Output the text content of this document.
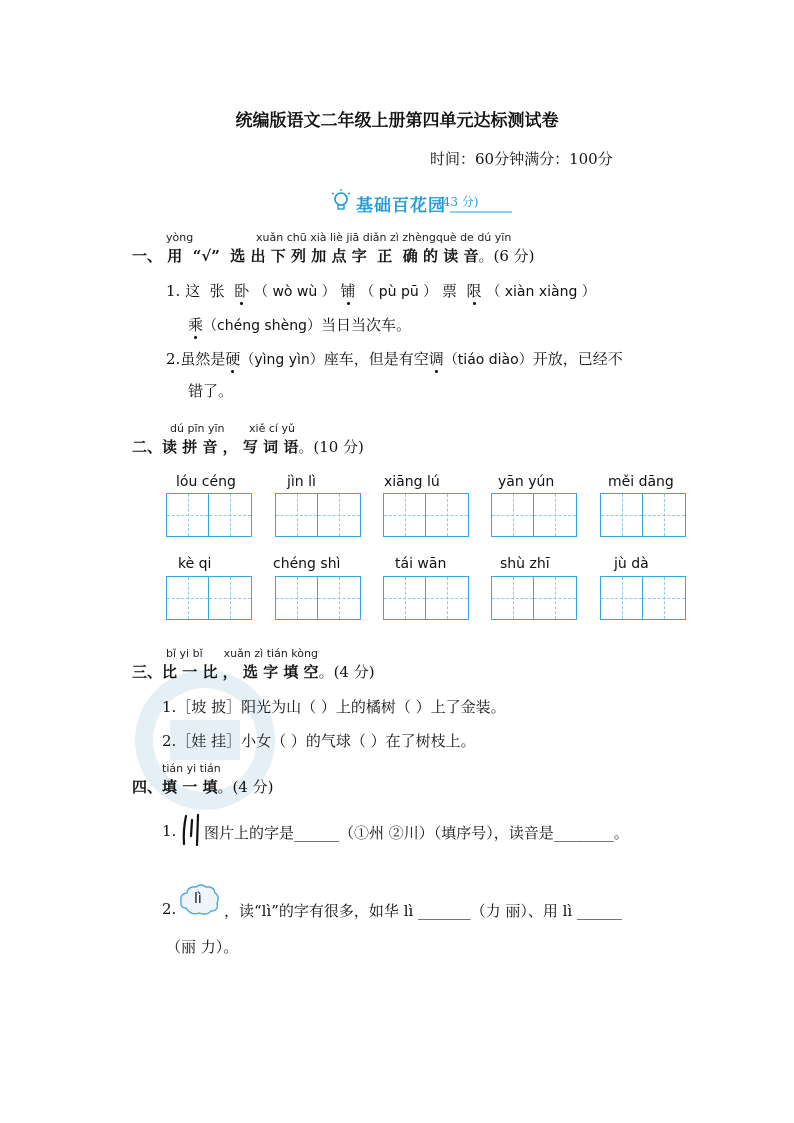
统编版语文二年级上册第四单元达标测试卷
时间：60分钟满分：100分
基础百花园
(43 分)
yòng	xuǎn chū xià liè jiā diǎn zì zhèngquè de dú yīn
一、 用 “√” 选 出 下 列 加 点 字 正 确 的 读 音。(6 分)
1. 这 张 卧 （ wò wù ） 铺 （ pù pū ） 票 限 （ xiàn xiàng ）
乘（chéng shèng）当日当次车。
2.虽然是硬（yìng yìn）座车，但是有空调（tiáo diào）开放，已经不
错了。
dú pīn yīn xiě cí yǔ
二、读 拼 音 ， 写 词 语。(10 分)
lóu céng	jìn lì	xiāng lú	yān yún	měi dāng
kè qi	chéng shì	tái wān	shù zhī	jù dà
bǐ yi bǐ xuǎn zì tián kòng
三、比 一 比 ， 选 字 填 空。(4 分)
1.［坡 披］阳光为山（ ）上的橘树（ ）上了金装。
2.［娃 挂］小女（ ）的气球（ ）在了树枝上。
tián yi tián
四、填 一 填。(4 分)
1. 图片上的字是______（①州 ②川）（填序号），读音是________。
2.
lì
，读“lì”的字有很多，如华 lì _______（力 丽）、用 lì ______
（丽 力）。
